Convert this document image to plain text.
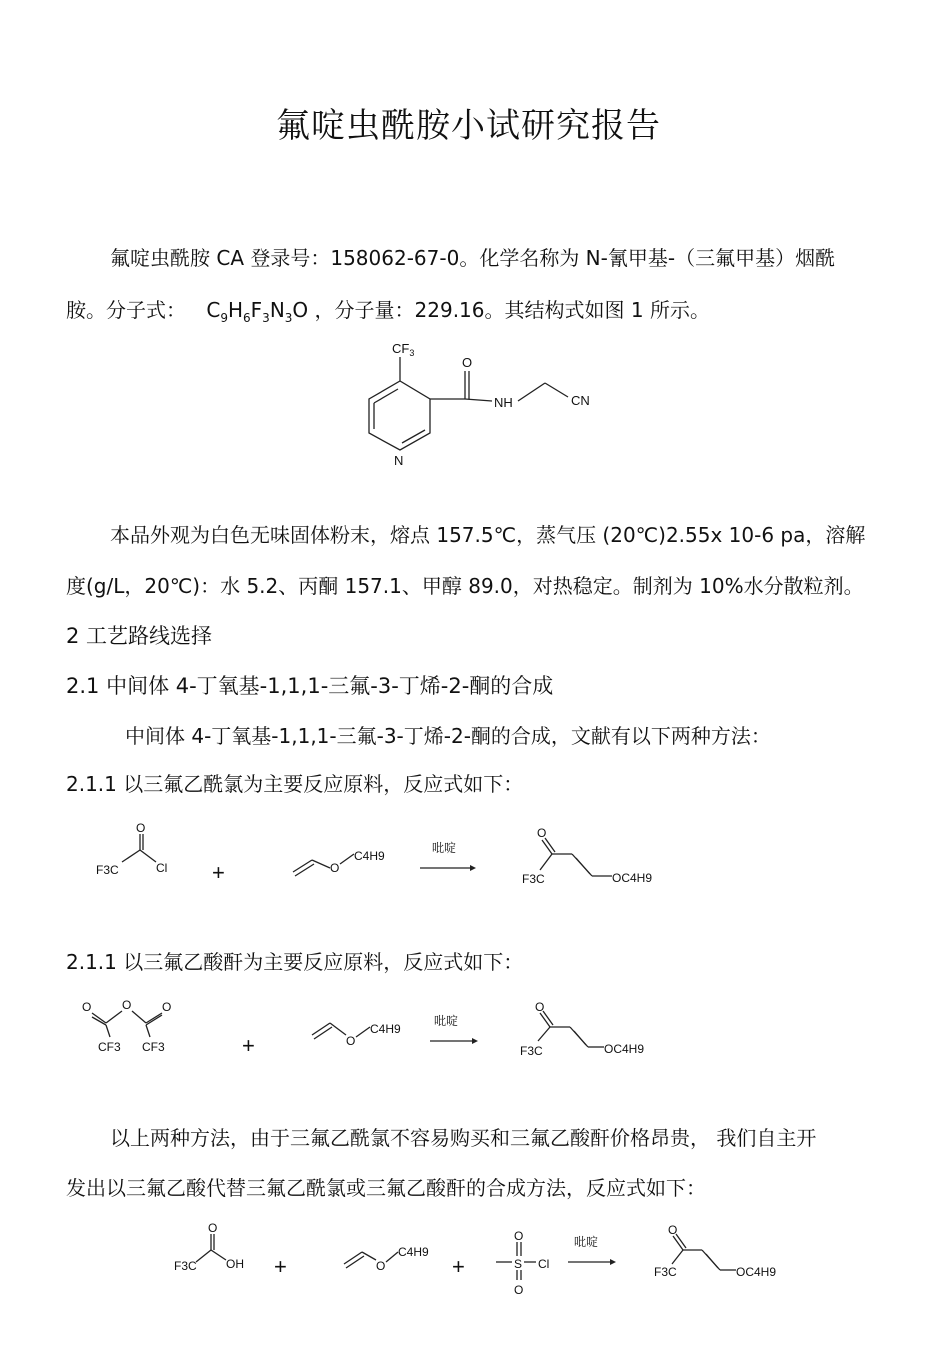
氟啶虫酰胺小试研究报告
氟啶虫酰胺 CA 登录号：158062-67-0。化学名称为 N-氰甲基-（三氟甲基）烟酰
胺。分子式： $C_9H_6F_3N_3O$ ，分子量：229.16。其结构式如图 1 所示。
$CF_3$
O
NH	CN
N
本品外观为白色无味固体粉末，熔点 157.5℃，蒸气压 (20℃)2.55x 10-6 pa，溶解
度(g/L，20℃)：水 5.2、丙酮 157.1、甲醇 89.0，对热稳定。制剂为 10%水分散粒剂。
2 工艺路线选择
2.1 中间体 4-丁氧基-1,1,1-三氟-3-丁烯-2-酮的合成
中间体 4-丁氧基-1,1,1-三氟-3-丁烯-2-酮的合成，文献有以下两种方法：
2.1.1 以三氟乙酰氯为主要反应原料，反应式如下：
O
F3C	Cl +	O
C4H9
吡啶
O
F3C	OC4H9
2.1.1 以三氟乙酸酐为主要反应原料，反应式如下：
O	O	O
CF3 CF3	+	O
C4H9
吡啶
O
F3C	OC4H9
以上两种方法，由于三氟乙酰氯不容易购买和三氟乙酸酐价格昂贵， 我们自主开
发出以三氟乙酸代替三氟乙酰氯或三氟乙酸酐的合成方法，反应式如下：
O
F3C OH +	O
C4H9
+
O
S Cl
O
吡啶
O
F3C	OC4H9
